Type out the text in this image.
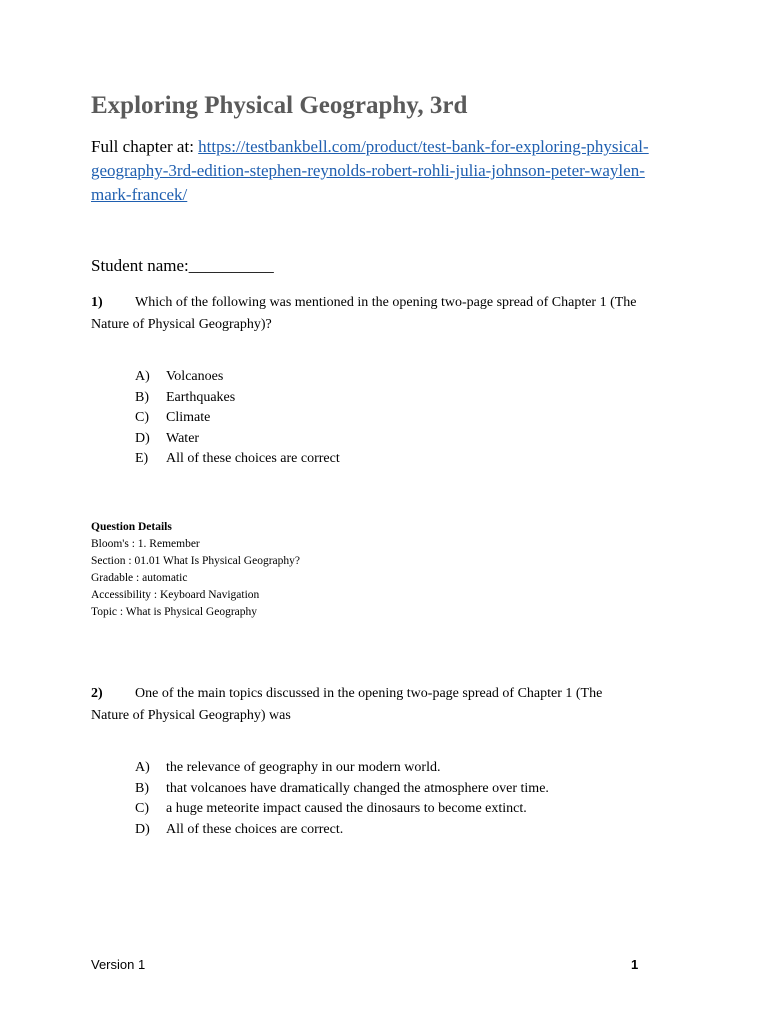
Exploring Physical Geography, 3rd
Full chapter at: https://testbankbell.com/product/test-bank-for-exploring-physical-
geography-3rd-edition-stephen-reynolds-robert-rohli-julia-johnson-peter-waylen-
mark-francek/
Student name:__________
1) Which of the following was mentioned in the opening two-page spread of Chapter 1 (The
Nature of Physical Geography)?
A) Volcanoes
B) Earthquakes
C) Climate
D) Water
E) All of these choices are correct
Question Details
Bloom's : 1. Remember
Section : 01.01 What Is Physical Geography?
Gradable : automatic
Accessibility : Keyboard Navigation
Topic : What is Physical Geography
2) One of the main topics discussed in the opening two-page spread of Chapter 1 (The
Nature of Physical Geography) was
A) the relevance of geography in our modern world.
B) that volcanoes have dramatically changed the atmosphere over time.
C) a huge meteorite impact caused the dinosaurs to become extinct.
D) All of these choices are correct.
Version 1	1
